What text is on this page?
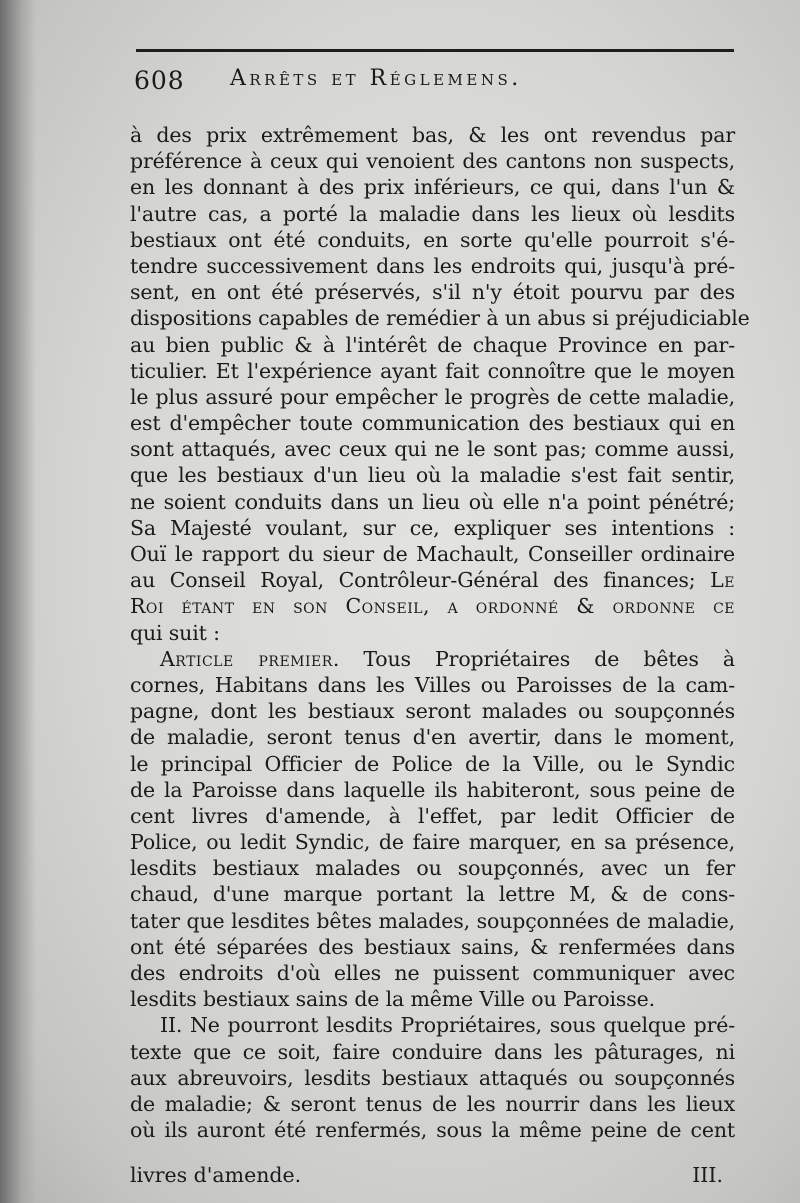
608 Arrêts et Réglemens.
à des prix extrêmement bas, & les ont revendus par
préférence à ceux qui venoient des cantons non suspects,
en les donnant à des prix inférieurs, ce qui, dans l'un &
l'autre cas, a porté la maladie dans les lieux où lesdits
bestiaux ont été conduits, en sorte qu'elle pourroit s'é-
tendre successivement dans les endroits qui, jusqu'à pré-
sent, en ont été préservés, s'il n'y étoit pourvu par des
dispositions capables de remédier à un abus si préjudiciable
au bien public & à l'intérêt de chaque Province en par-
ticulier. Et l'expérience ayant fait connoître que le moyen
le plus assuré pour empêcher le progrès de cette maladie,
est d'empêcher toute communication des bestiaux qui en
sont attaqués, avec ceux qui ne le sont pas; comme aussi,
que les bestiaux d'un lieu où la maladie s'est fait sentir,
ne soient conduits dans un lieu où elle n'a point pénétré;
Sa Majesté voulant, sur ce, expliquer ses intentions :
Ouï le rapport du sieur de Machault, Conseiller ordinaire
au Conseil Royal, Contrôleur-Général des finances; Le
Roi étant en son Conseil, a ordonné & ordonne ce
qui suit :
Article premier. Tous Propriétaires de bêtes à
cornes, Habitans dans les Villes ou Paroisses de la cam-
pagne, dont les bestiaux seront malades ou soupçonnés
de maladie, seront tenus d'en avertir, dans le moment,
le principal Officier de Police de la Ville, ou le Syndic
de la Paroisse dans laquelle ils habiteront, sous peine de
cent livres d'amende, à l'effet, par ledit Officier de
Police, ou ledit Syndic, de faire marquer, en sa présence,
lesdits bestiaux malades ou soupçonnés, avec un fer
chaud, d'une marque portant la lettre M, & de cons-
tater que lesdites bêtes malades, soupçonnées de maladie,
ont été séparées des bestiaux sains, & renfermées dans
des endroits d'où elles ne puissent communiquer avec
lesdits bestiaux sains de la même Ville ou Paroisse.
II. Ne pourront lesdits Propriétaires, sous quelque pré-
texte que ce soit, faire conduire dans les pâturages, ni
aux abreuvoirs, lesdits bestiaux attaqués ou soupçonnés
de maladie; & seront tenus de les nourrir dans les lieux
où ils auront été renfermés, sous la même peine de cent
livres d'amende.	III.
